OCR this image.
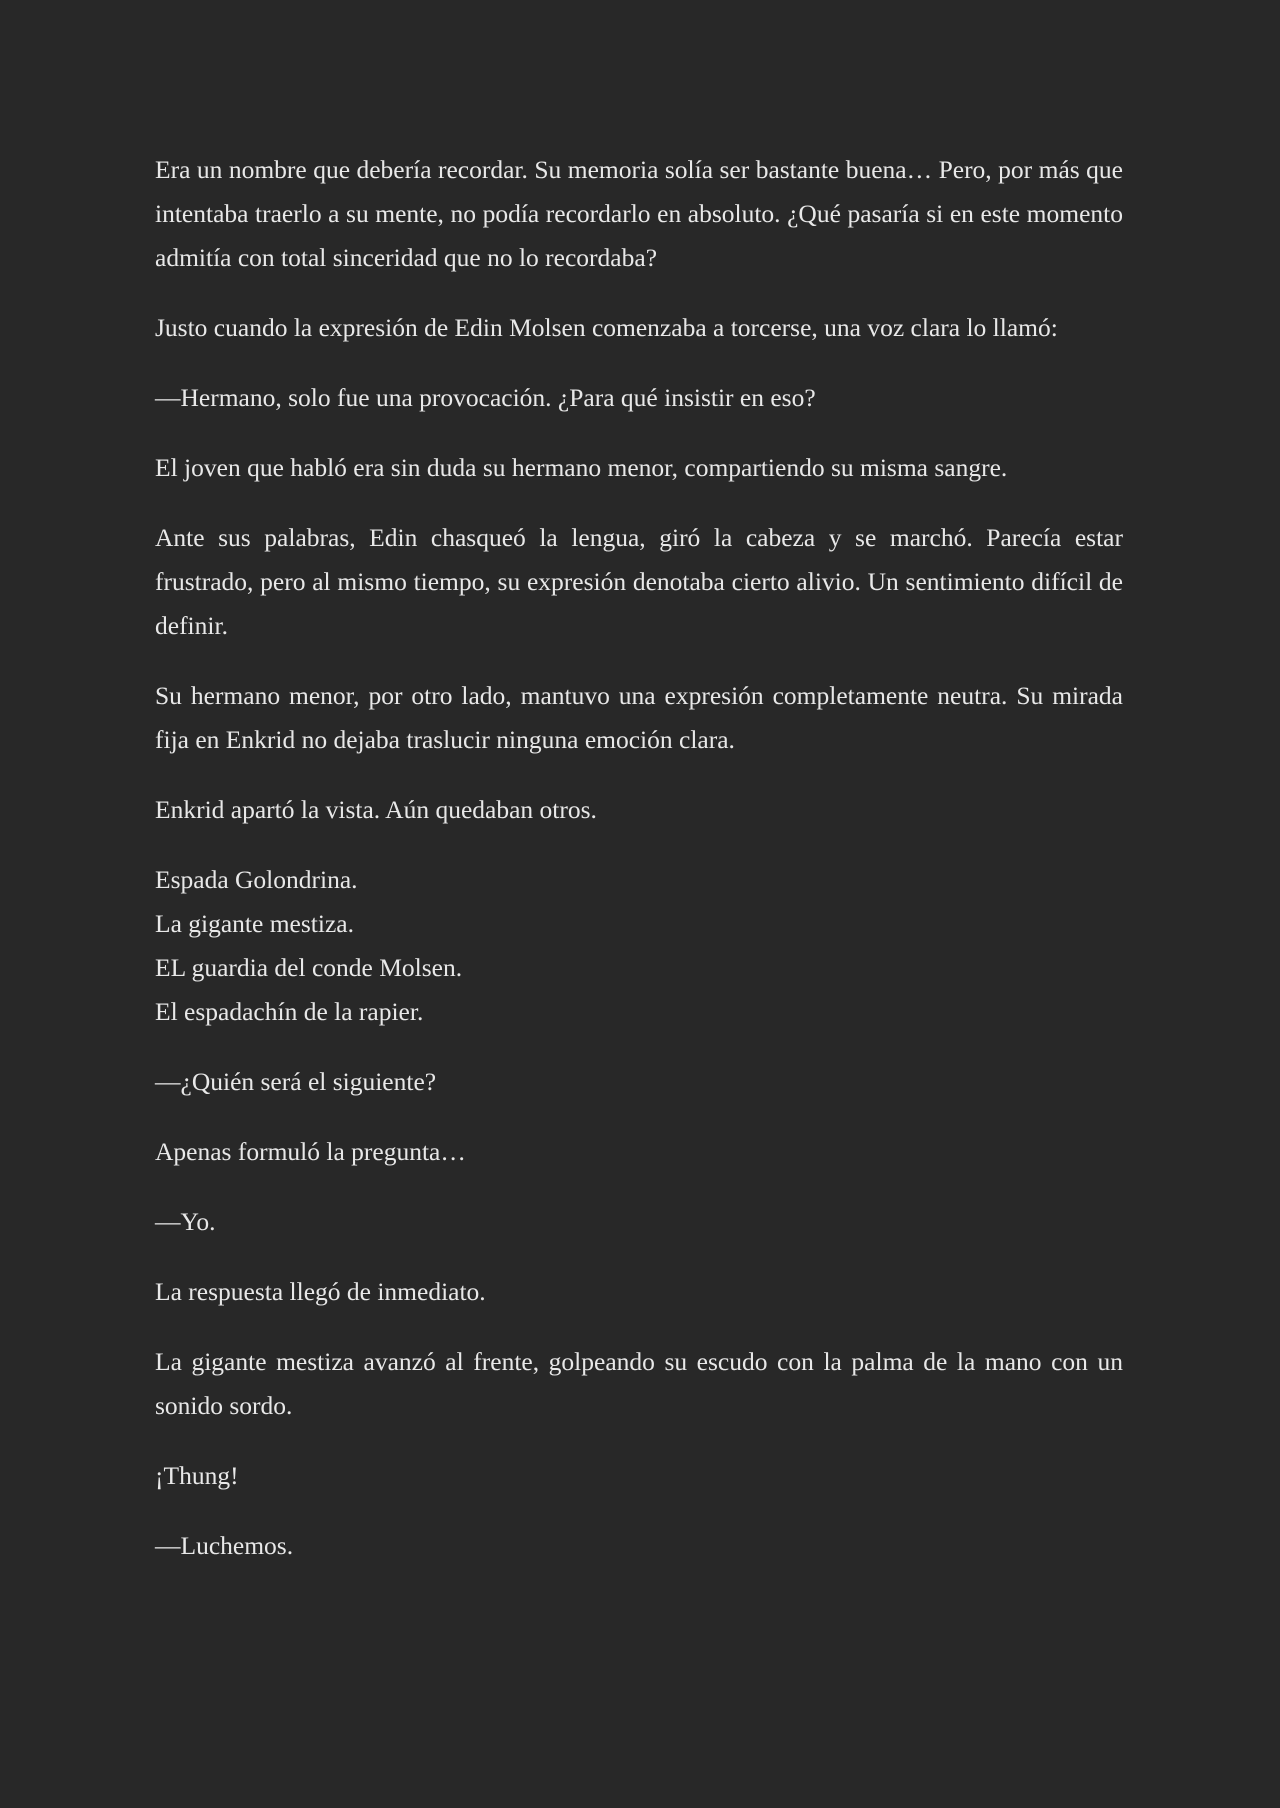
Era un nombre que debería recordar. Su memoria solía ser bastante buena… Pero, por más que intentaba traerlo a su mente, no podía recordarlo en absoluto. ¿Qué pasaría si en este momento admitía con total sinceridad que no lo recordaba?

Justo cuando la expresión de Edin Molsen comenzaba a torcerse, una voz clara lo llamó:

—Hermano, solo fue una provocación. ¿Para qué insistir en eso?

El joven que habló era sin duda su hermano menor, compartiendo su misma sangre.

Ante sus palabras, Edin chasqueó la lengua, giró la cabeza y se marchó. Parecía estar frustrado, pero al mismo tiempo, su expresión denotaba cierto alivio. Un sentimiento difícil de definir.

Su hermano menor, por otro lado, mantuvo una expresión completamente neutra. Su mirada fija en Enkrid no dejaba traslucir ninguna emoción clara.

Enkrid apartó la vista. Aún quedaban otros.

Espada Golondrina.
La gigante mestiza.
EL guardia del conde Molsen.
El espadachín de la rapier.

—¿Quién será el siguiente?

Apenas formuló la pregunta…

—Yo.

La respuesta llegó de inmediato.

La gigante mestiza avanzó al frente, golpeando su escudo con la palma de la mano con un sonido sordo.

¡Thung!

—Luchemos.
